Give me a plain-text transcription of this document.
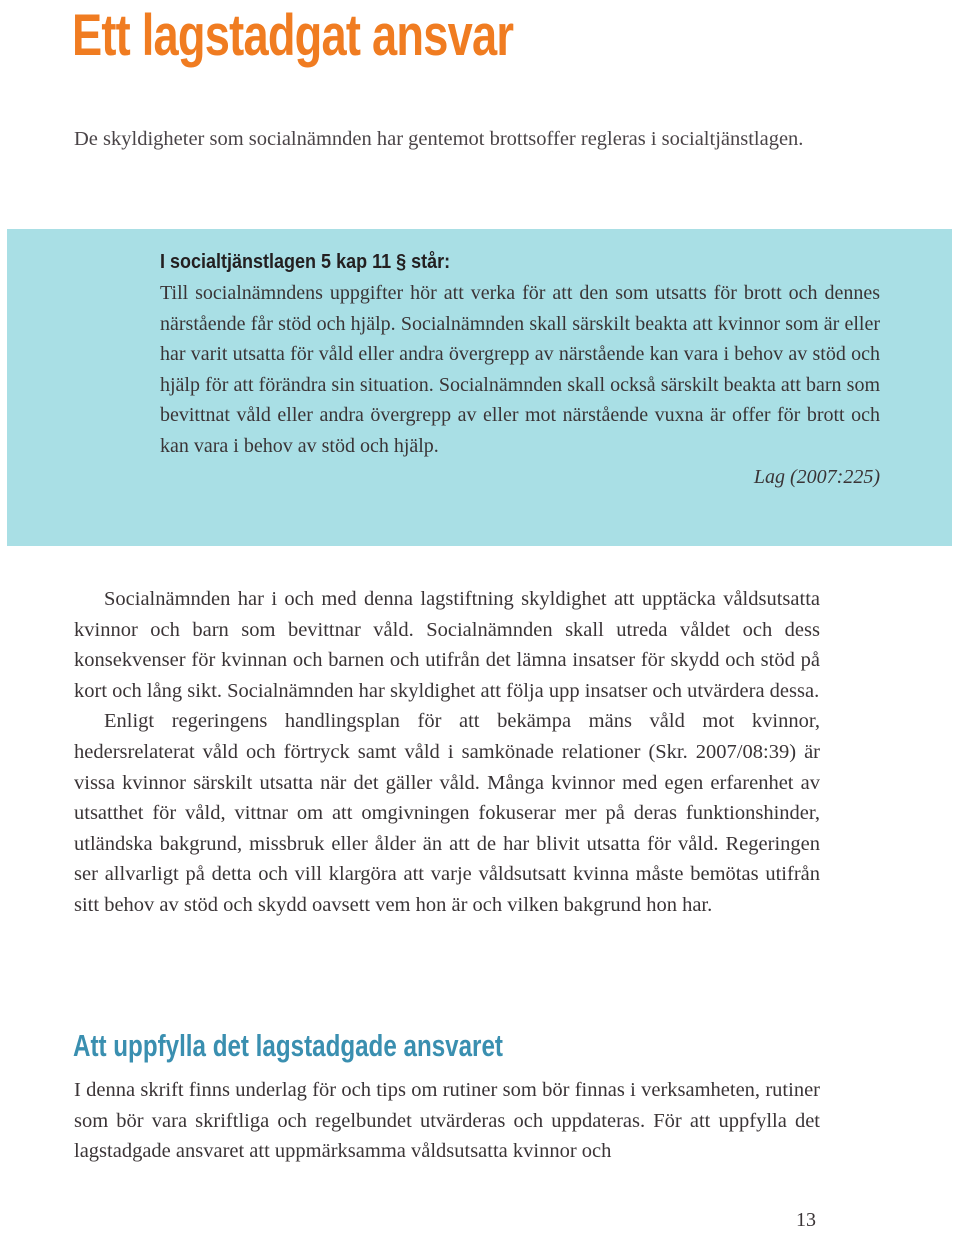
Ett lagstadgat ansvar

De skyldigheter som socialnämnden har gentemot brottsoffer regleras i socialtjänstlagen.

I socialtjänstlagen 5 kap 11 § står:

Till socialnämndens uppgifter hör att verka för att den som utsatts för brott och dennes närstående får stöd och hjälp. Socialnämnden skall särskilt beakta att kvinnor som är eller har varit utsatta för våld eller andra övergrepp av närstående kan vara i behov av stöd och hjälp för att förändra sin situation. Socialnämnden skall också särskilt beakta att barn som bevittnat våld eller andra övergrepp av eller mot närstående vuxna är offer för brott och kan vara i behov av stöd och hjälp.

Lag (2007:225)

Socialnämnden har i och med denna lagstiftning skyldighet att upptäcka våldsutsatta kvinnor och barn som bevittnar våld. Socialnämnden skall utreda våldet och dess konsekvenser för kvinnan och barnen och utifrån det lämna insatser för skydd och stöd på kort och lång sikt. Socialnämnden har skyldighet att följa upp insatser och utvärdera dessa.

Enligt regeringens handlingsplan för att bekämpa mäns våld mot kvinnor, hedersrelaterat våld och förtryck samt våld i samkönade relationer (Skr. 2007/08:39) är vissa kvinnor särskilt utsatta när det gäller våld. Många kvinnor med egen erfarenhet av utsatthet för våld, vittnar om att omgivningen fokuserar mer på deras funktionshinder, utländska bakgrund, missbruk eller ålder än att de har blivit utsatta för våld. Regeringen ser allvarligt på detta och vill klargöra att varje våldsutsatt kvinna måste bemötas utifrån sitt behov av stöd och skydd oavsett vem hon är och vilken bakgrund hon har.

Att uppfylla det lagstadgade ansvaret

I denna skrift finns underlag för och tips om rutiner som bör finnas i verksamheten, rutiner som bör vara skriftliga och regelbundet utvärderas och uppdateras. För att uppfylla det lagstadgade ansvaret att uppmärksamma våldsutsatta kvinnor och

13
